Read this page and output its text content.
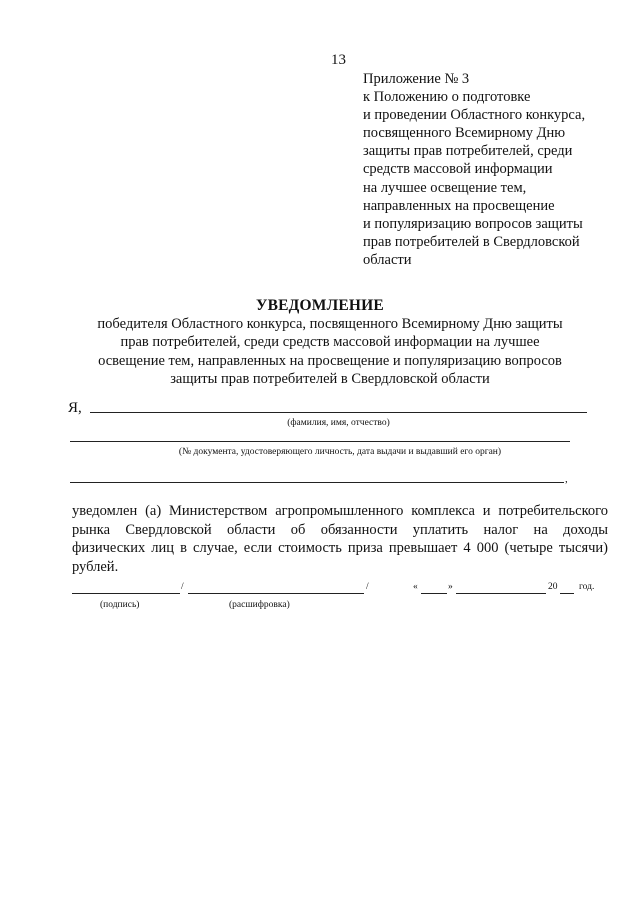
13
Приложение № 3
к Положению о подготовке
и проведении Областного конкурса,
посвященного Всемирному Дню
защиты прав потребителей, среди
средств массовой информации
на лучшее освещение тем,
направленных на просвещение
и популяризацию вопросов защиты
прав потребителей в Свердловской
области
УВЕДОМЛЕНИЕ
победителя Областного конкурса, посвященного Всемирному Дню защиты
прав потребителей, среди средств массовой информации на лучшее
освещение тем, направленных на просвещение и популяризацию вопросов
защиты прав потребителей в Свердловской области
Я,
(фамилия, имя, отчество)
(№ документа, удостоверяющего личность, дата выдачи и выдавший его орган)
,
уведомлен (а) Министерством агропромышленного комплекса и потребительского
рынка Свердловской области об обязанности уплатить налог на доходы
физических лиц в случае, если стоимость приза превышает 4 000 (четыре тысячи)
рублей.
/	/	«	»	20 год.
(подпись)	(расшифровка)
